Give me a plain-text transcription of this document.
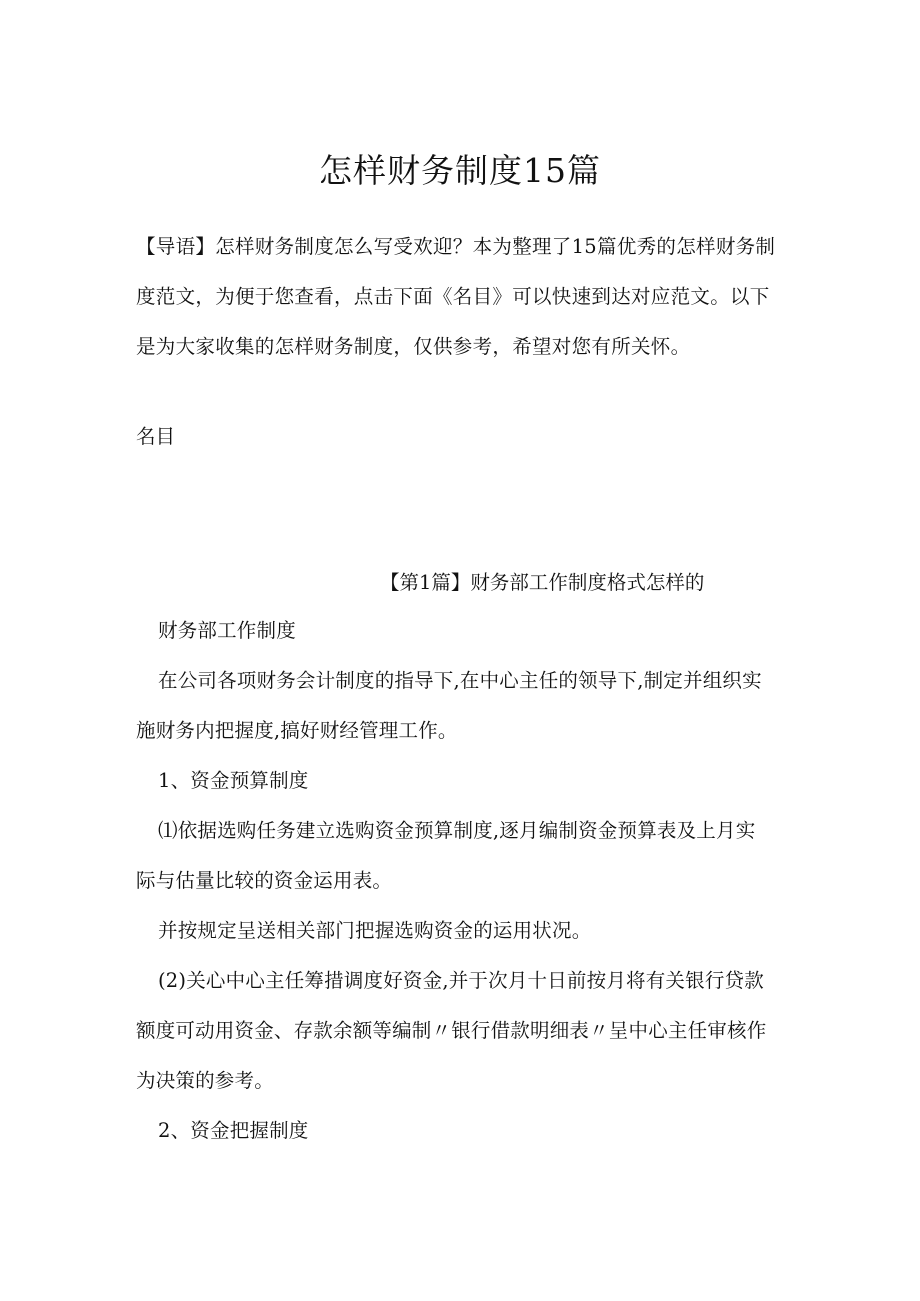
怎样财务制度15篇
【导语】怎样财务制度怎么写受欢迎？本为整理了15篇优秀的怎样财务制
度范文，为便于您查看，点击下面《名目》可以快速到达对应范文。以下
是为大家收集的怎样财务制度，仅供参考，希望对您有所关怀。
名目
【第1篇】财务部工作制度格式怎样的
财务部工作制度
在公司各项财务会计制度的指导下,在中心主任的领导下,制定并组织实
施财务内把握度,搞好财经管理工作。
1、资金预算制度
⑴依据选购任务建立选购资金预算制度,逐月编制资金预算表及上月实
际与估量比较的资金运用表。
并按规定呈送相关部门把握选购资金的运用状况。
(2)关心中心主任筹措调度好资金,并于次月十日前按月将有关银行贷款
额度可动用资金、存款余额等编制〃银行借款明细表〃呈中心主任审核作
为决策的参考。
2、资金把握制度
